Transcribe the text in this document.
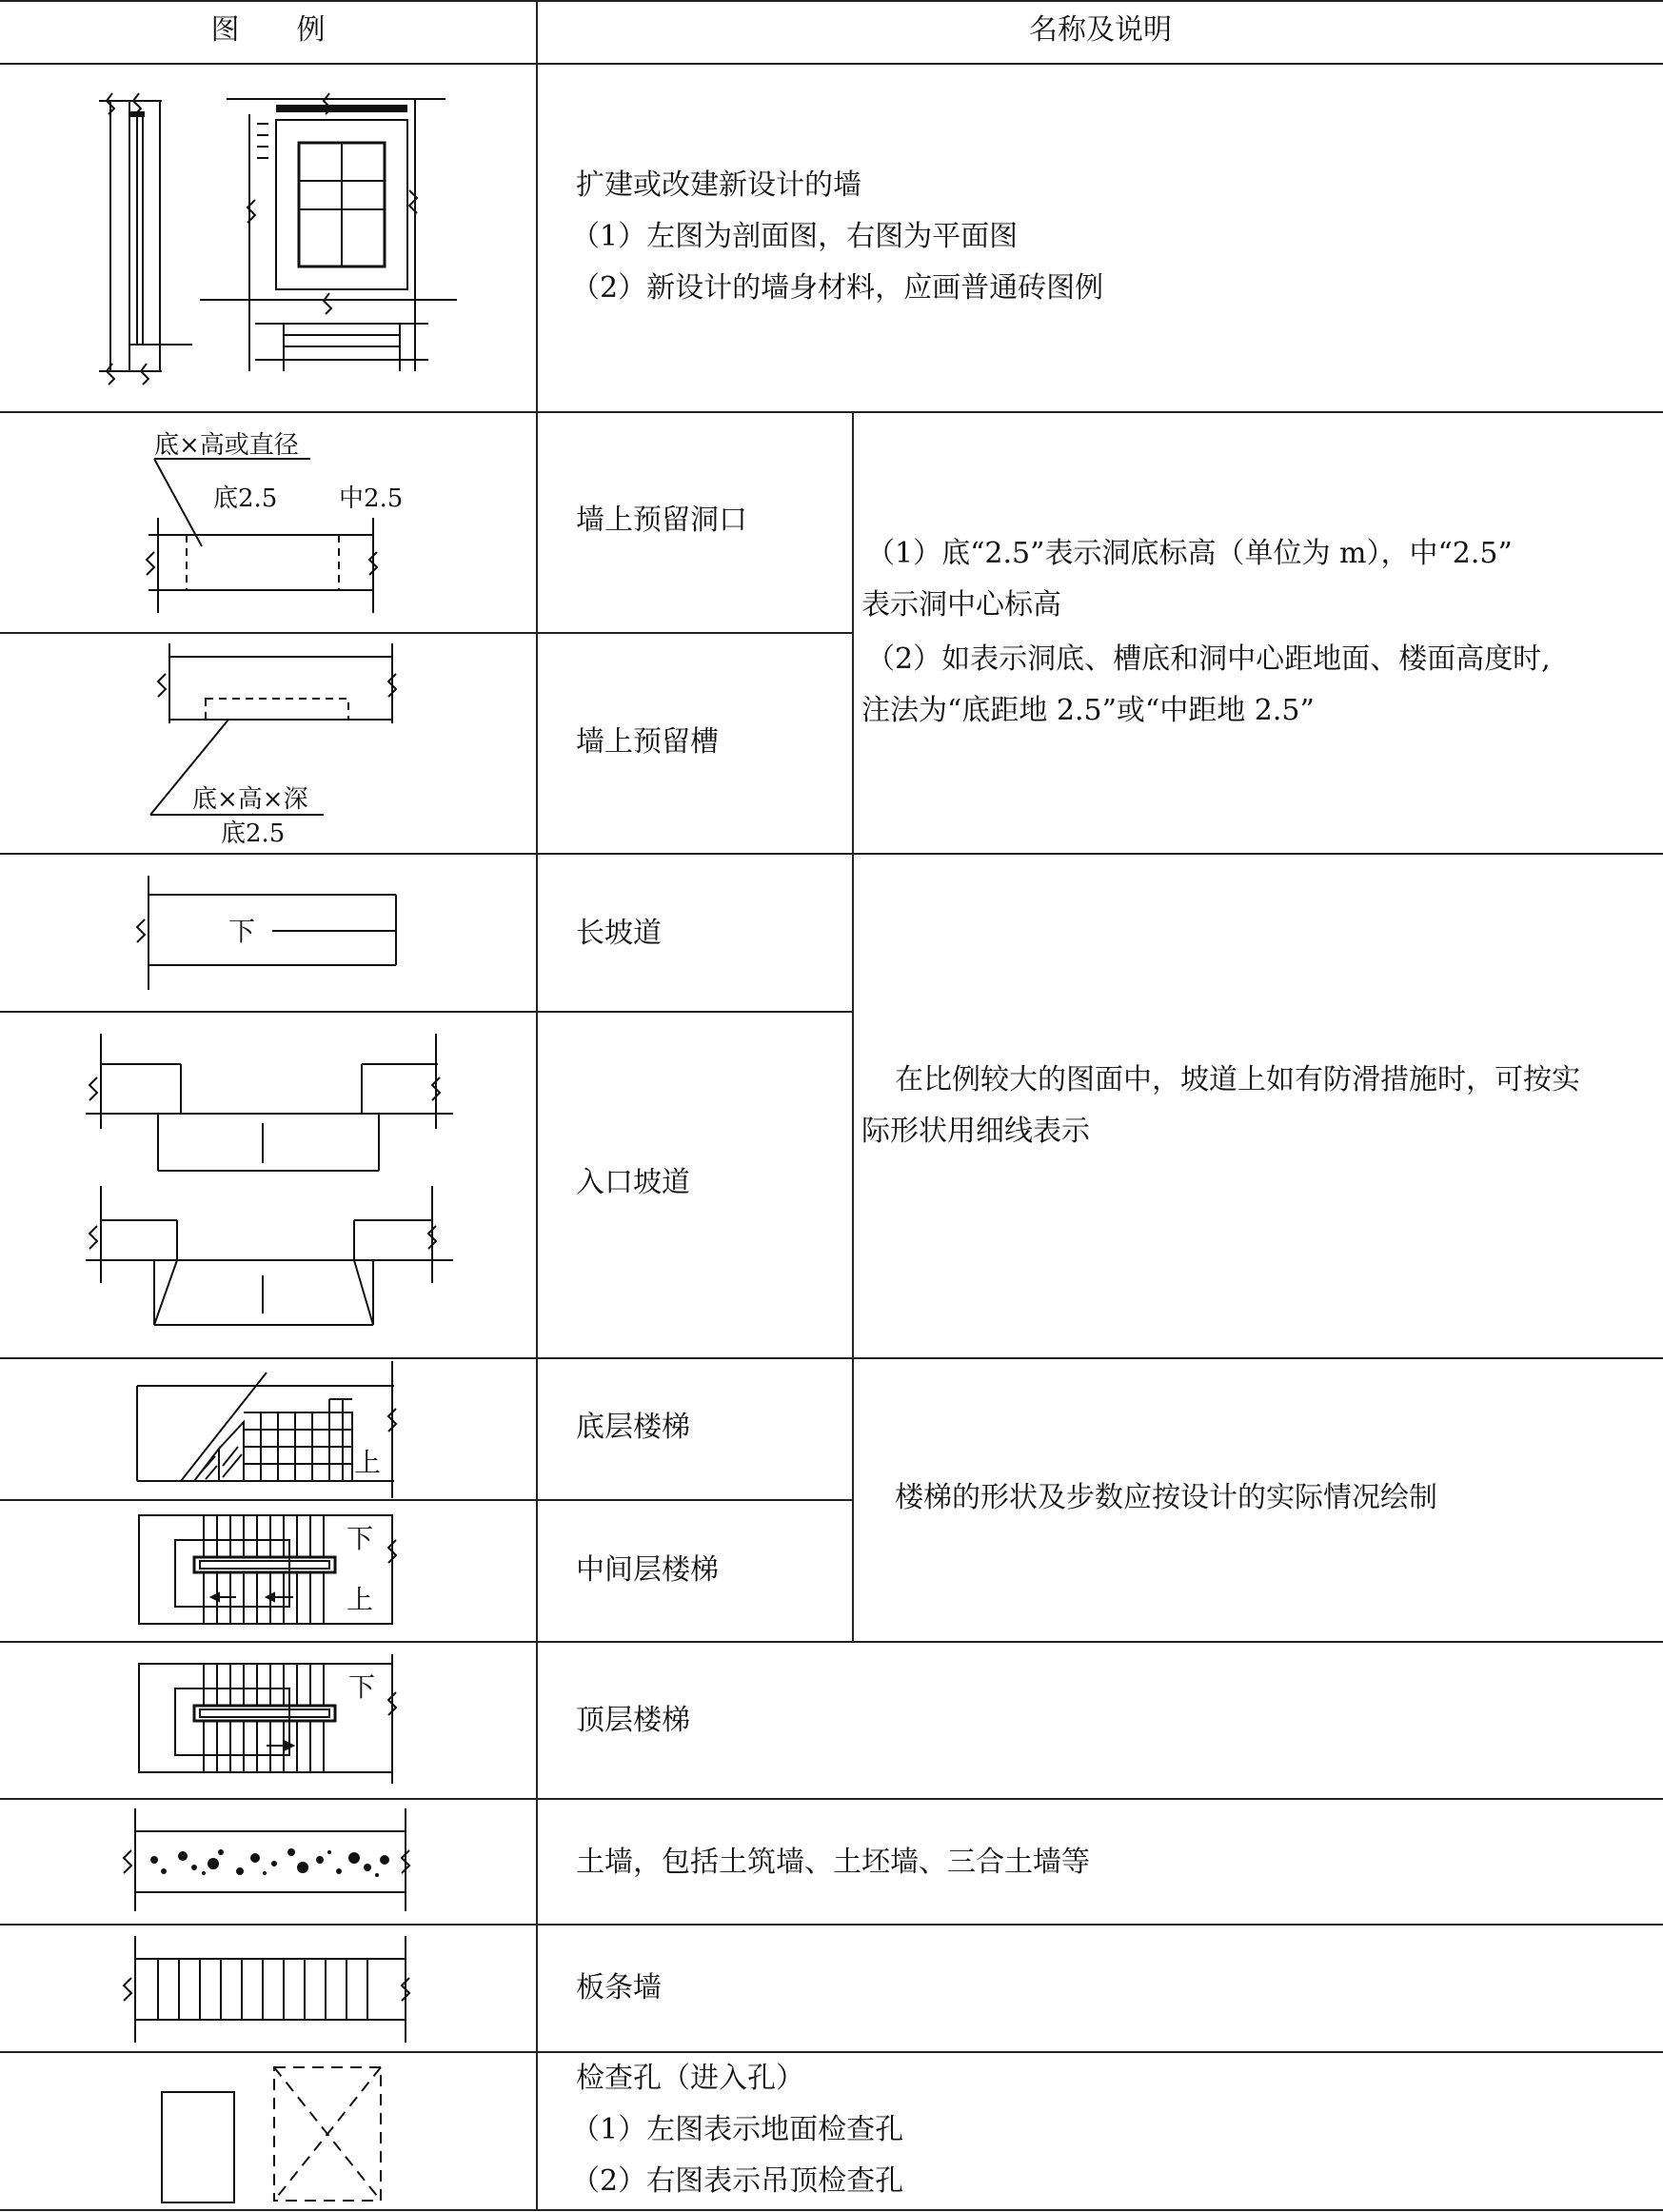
图　　例	名称及说明
扩建或改建新设计的墙
（1）左图为剖面图，右图为平面图
（2）新设计的墙身材料，应画普通砖图例
底×高或直径
底2.5 中2.5
墙上预留洞口
底×高×深
底2.5
墙上预留槽
（1）底“2.5”表示洞底标高（单位为 m），中“2.5”
表示洞中心标高
（2）如表示洞底、槽底和洞中心距地面、楼面高度时,
注法为“底距地 2.5”或“中距地 2.5”
下	长坡道
入口坡道
在比例较大的图面中，坡道上如有防滑措施时，可按实
际形状用细线表示
上
底层楼梯
下
上
中间层楼梯
楼梯的形状及步数应按设计的实际情况绘制
下
顶层楼梯
土墙，包括土筑墙、土坯墙、三合土墙等
板条墙
检查孔（进入孔）
（1）左图表示地面检查孔
（2）右图表示吊顶检查孔
